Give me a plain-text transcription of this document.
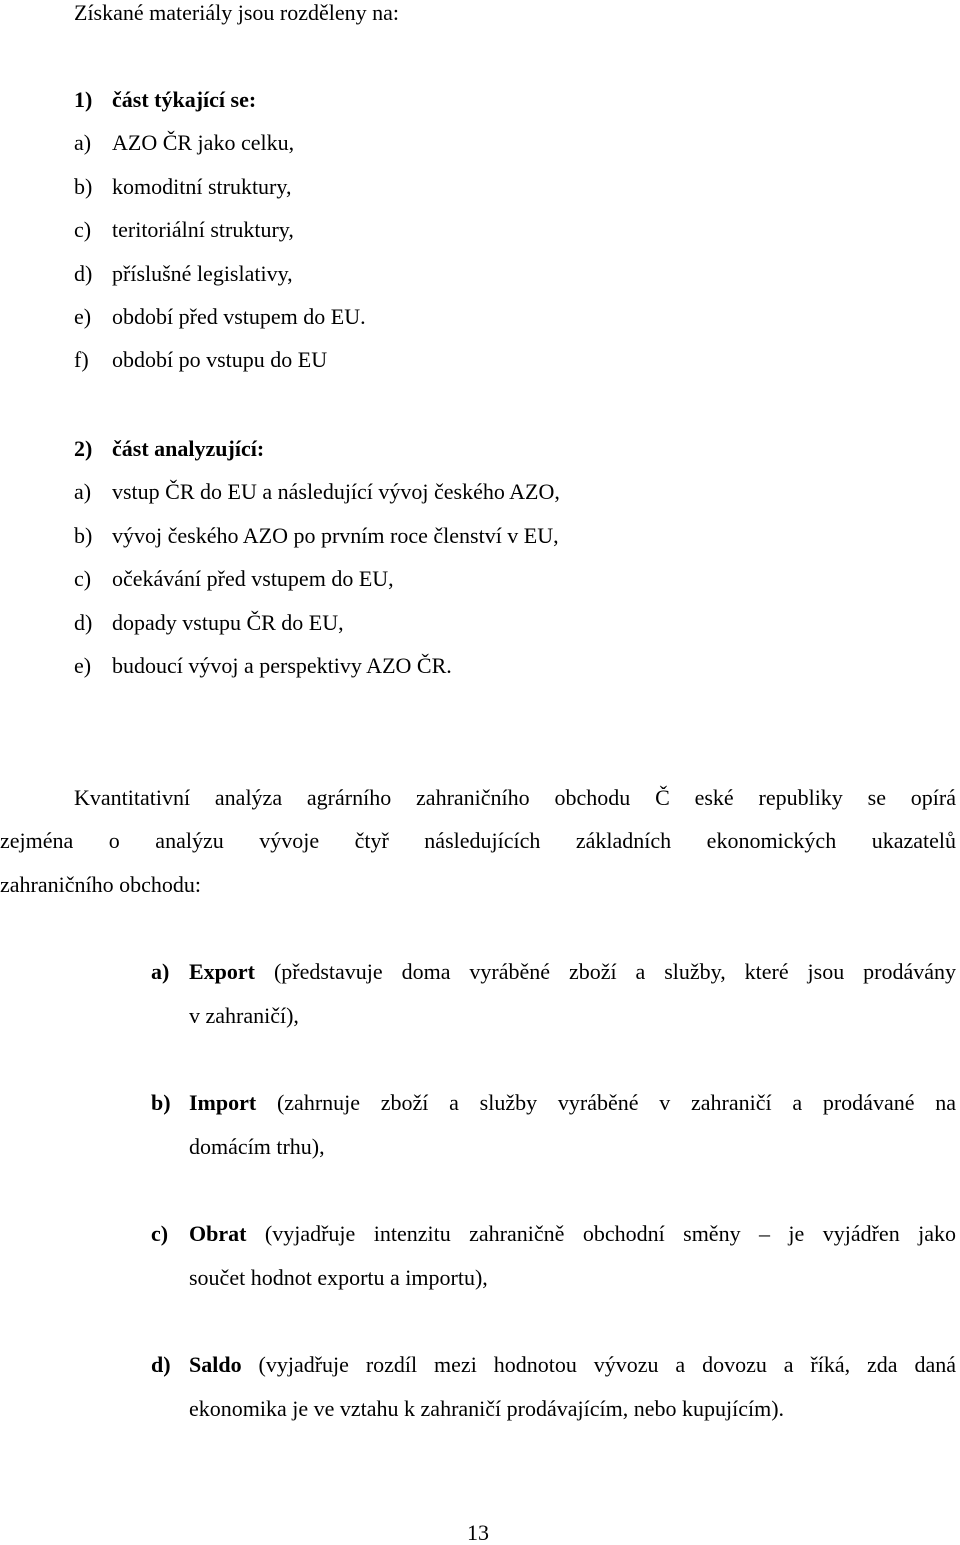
Získané materiály jsou rozděleny na:
1) část týkající se:
a) AZO ČR jako celku,
b) komoditní struktury,
c) teritoriální struktury,
d) příslušné legislativy,
e) období před vstupem do EU.
f) období po vstupu do EU
2) část analyzující:
a) vstup ČR do EU a následující vývoj českého AZO,
b) vývoj českého AZO po prvním roce členství v EU,
c) očekávání před vstupem do EU,
d) dopady vstupu ČR do EU,
e) budoucí vývoj a perspektivy AZO ČR.
Kvantitativní analýza agrárního zahraničního obchodu Č eské republiky se opírá
zejména o analýzu vývoje čtyř následujících základních ekonomických ukazatelů
zahraničního obchodu:
a) Export (představuje doma vyráběné zboží a služby, které jsou prodávány
v zahraničí),
b) Import (zahrnuje zboží a služby vyráběné v zahraničí a prodávané na
domácím trhu),
c) Obrat (vyjadřuje intenzitu zahraničně obchodní směny – je vyjádřen jako
součet hodnot exportu a importu),
d) Saldo (vyjadřuje rozdíl mezi hodnotou vývozu a dovozu a říká, zda daná
ekonomika je ve vztahu k zahraničí prodávajícím, nebo kupujícím).
13
